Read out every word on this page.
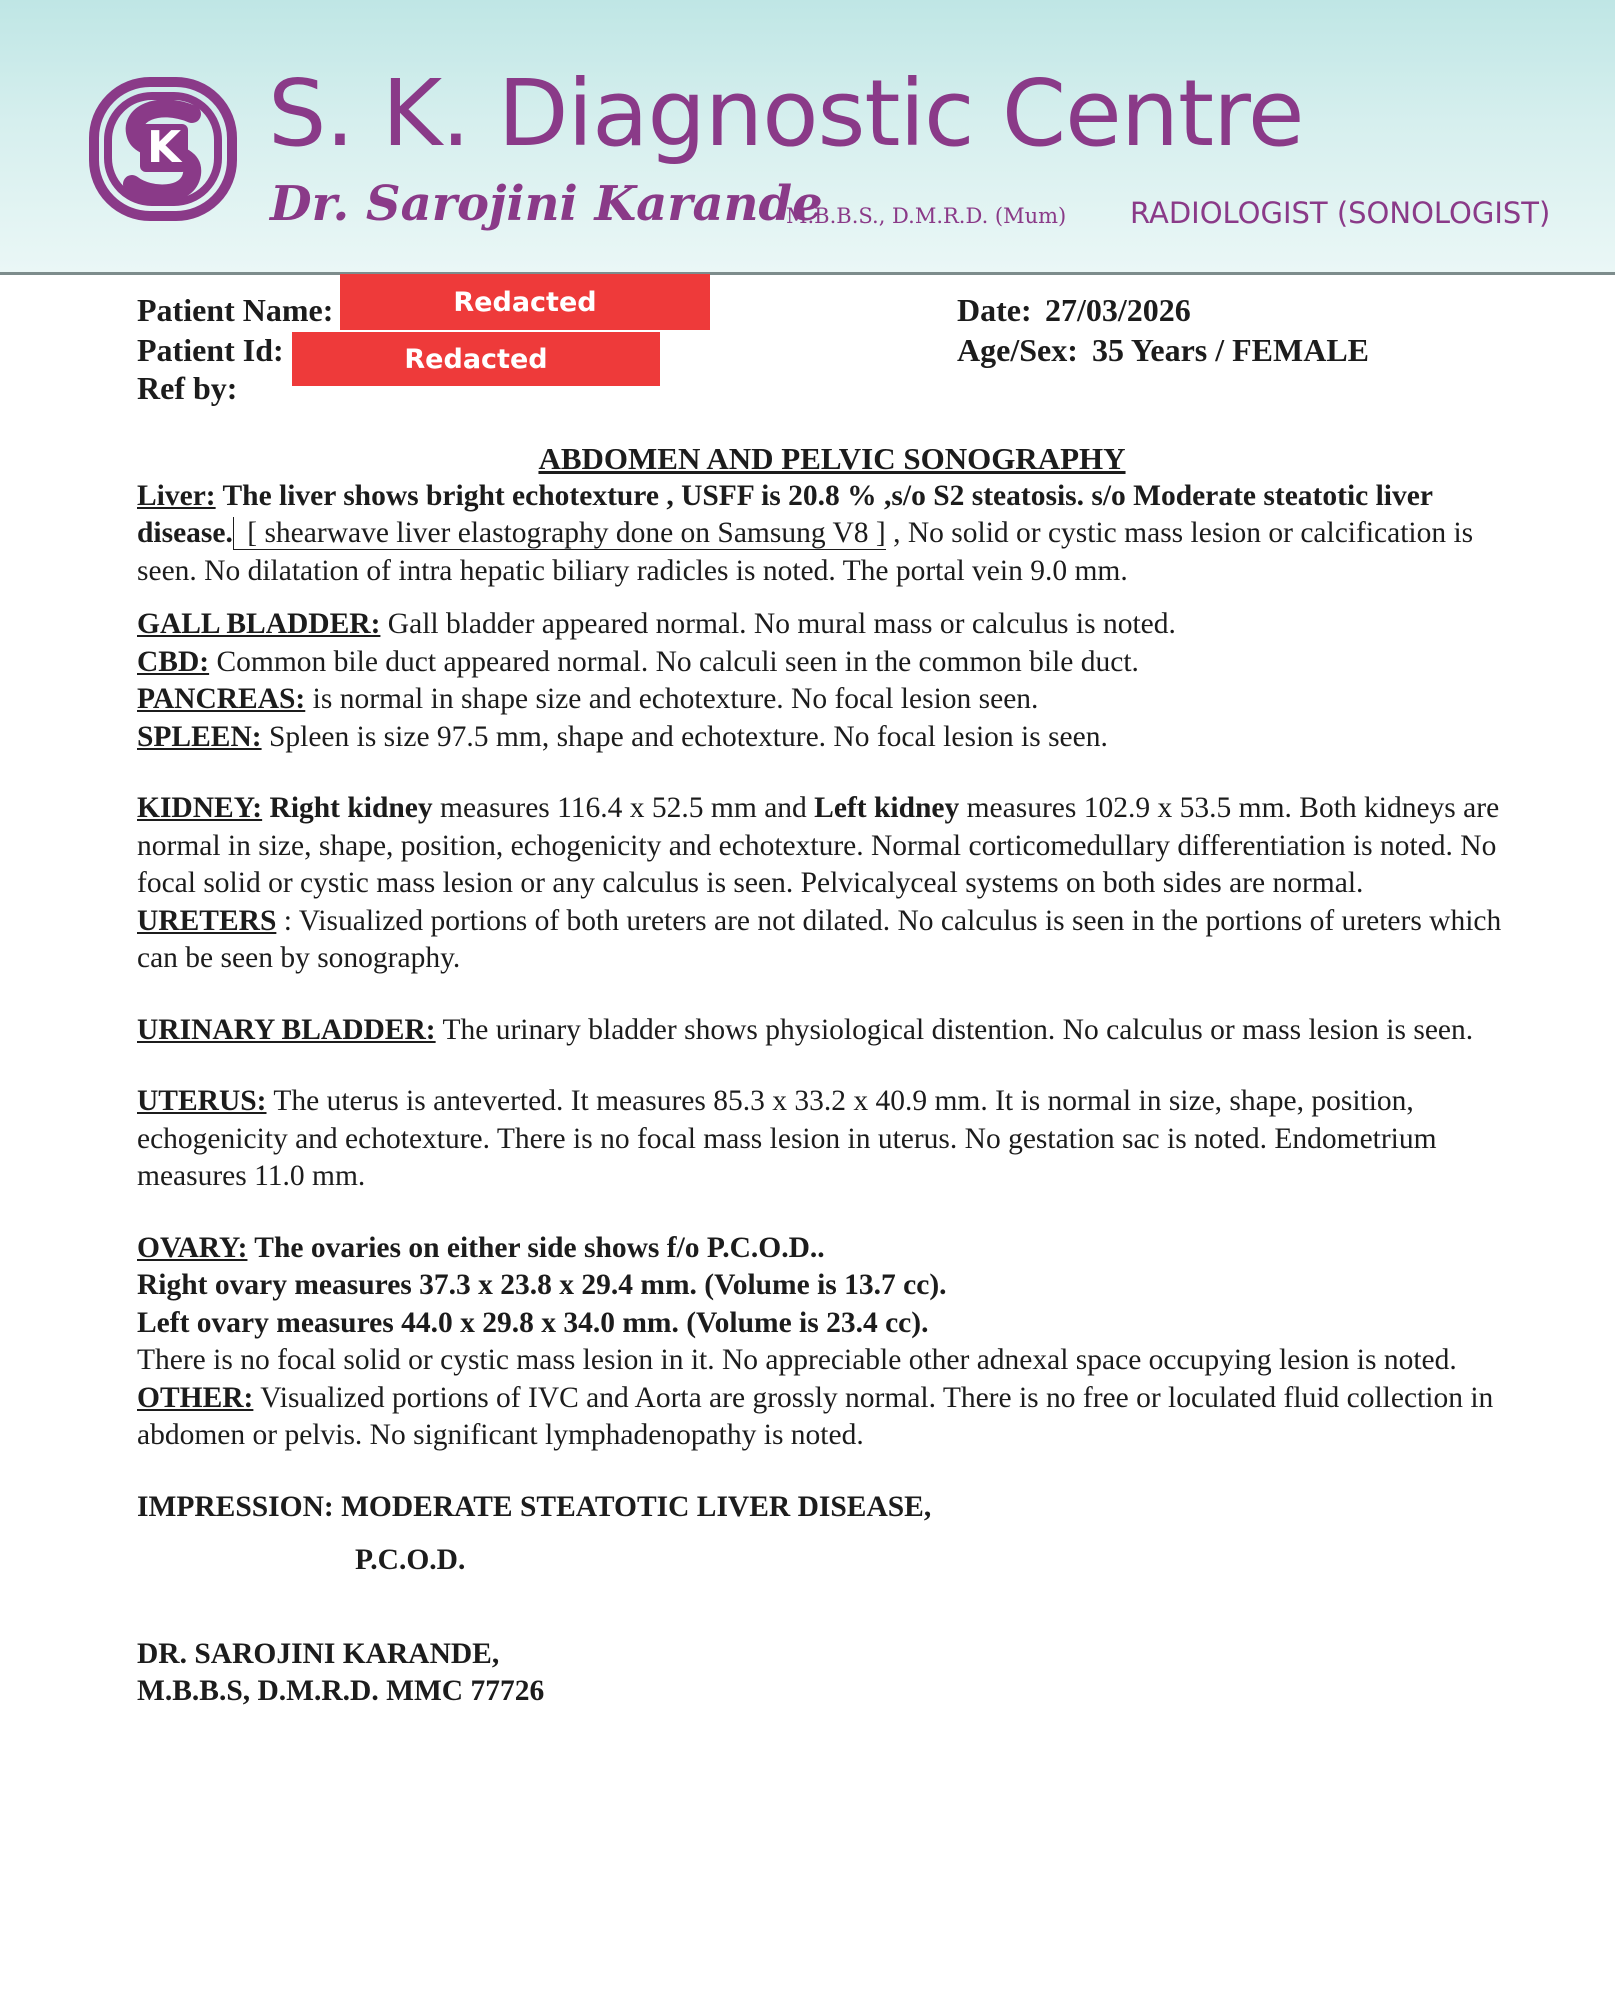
K S. K. Diagnostic Centre
Dr. Sarojini Karande
M.B.B.S., D.M.R.D. (Mum) RADIOLOGIST (SONOLOGIST)
Patient Name:	Redacted
Patient Id:	Redacted
Ref by:
Date: 27/03/2026
Age/Sex: 35 Years / FEMALE

ABDOMEN AND PELVIC SONOGRAPHY

Liver: The liver shows bright echotexture , USFF is 20.8 % ,s/o S2 steatosis. s/o Moderate steatotic liver disease. [ shearwave liver elastography done on Samsung V8 ] , No solid or cystic mass lesion or calcification is seen. No dilatation of intra hepatic biliary radicles is noted. The portal vein 9.0 mm.

GALL BLADDER: Gall bladder appeared normal. No mural mass or calculus is noted.

CBD: Common bile duct appeared normal. No calculi seen in the common bile duct.

PANCREAS: is normal in shape size and echotexture. No focal lesion seen.

SPLEEN: Spleen is size 97.5 mm, shape and echotexture. No focal lesion is seen.

KIDNEY: Right kidney measures 116.4 x 52.5 mm and Left kidney measures 102.9 x 53.5 mm. Both kidneys are normal in size, shape, position, echogenicity and echotexture. Normal corticomedullary differentiation is noted. No focal solid or cystic mass lesion or any calculus is seen. Pelvicalyceal systems on both sides are normal.

URETERS : Visualized portions of both ureters are not dilated. No calculus is seen in the portions of ureters which can be seen by sonography.

URINARY BLADDER: The urinary bladder shows physiological distention. No calculus or mass lesion is seen.

UTERUS: The uterus is anteverted. It measures 85.3 x 33.2 x 40.9 mm. It is normal in size, shape, position, echogenicity and echotexture. There is no focal mass lesion in uterus. No gestation sac is noted. Endometrium measures 11.0 mm.

OVARY: The ovaries on either side shows f/o P.C.O.D..

Right ovary measures 37.3 x 23.8 x 29.4 mm. (Volume is 13.7 cc).

Left ovary measures 44.0 x 29.8 x 34.0 mm. (Volume is 23.4 cc).

There is no focal solid or cystic mass lesion in it. No appreciable other adnexal space occupying lesion is noted.

OTHER: Visualized portions of IVC and Aorta are grossly normal. There is no free or loculated fluid collection in abdomen or pelvis. No significant lymphadenopathy is noted.

IMPRESSION: MODERATE STEATOTIC LIVER DISEASE,

P.C.O.D.

DR. SAROJINI KARANDE,

M.B.B.S, D.M.R.D. MMC 77726
